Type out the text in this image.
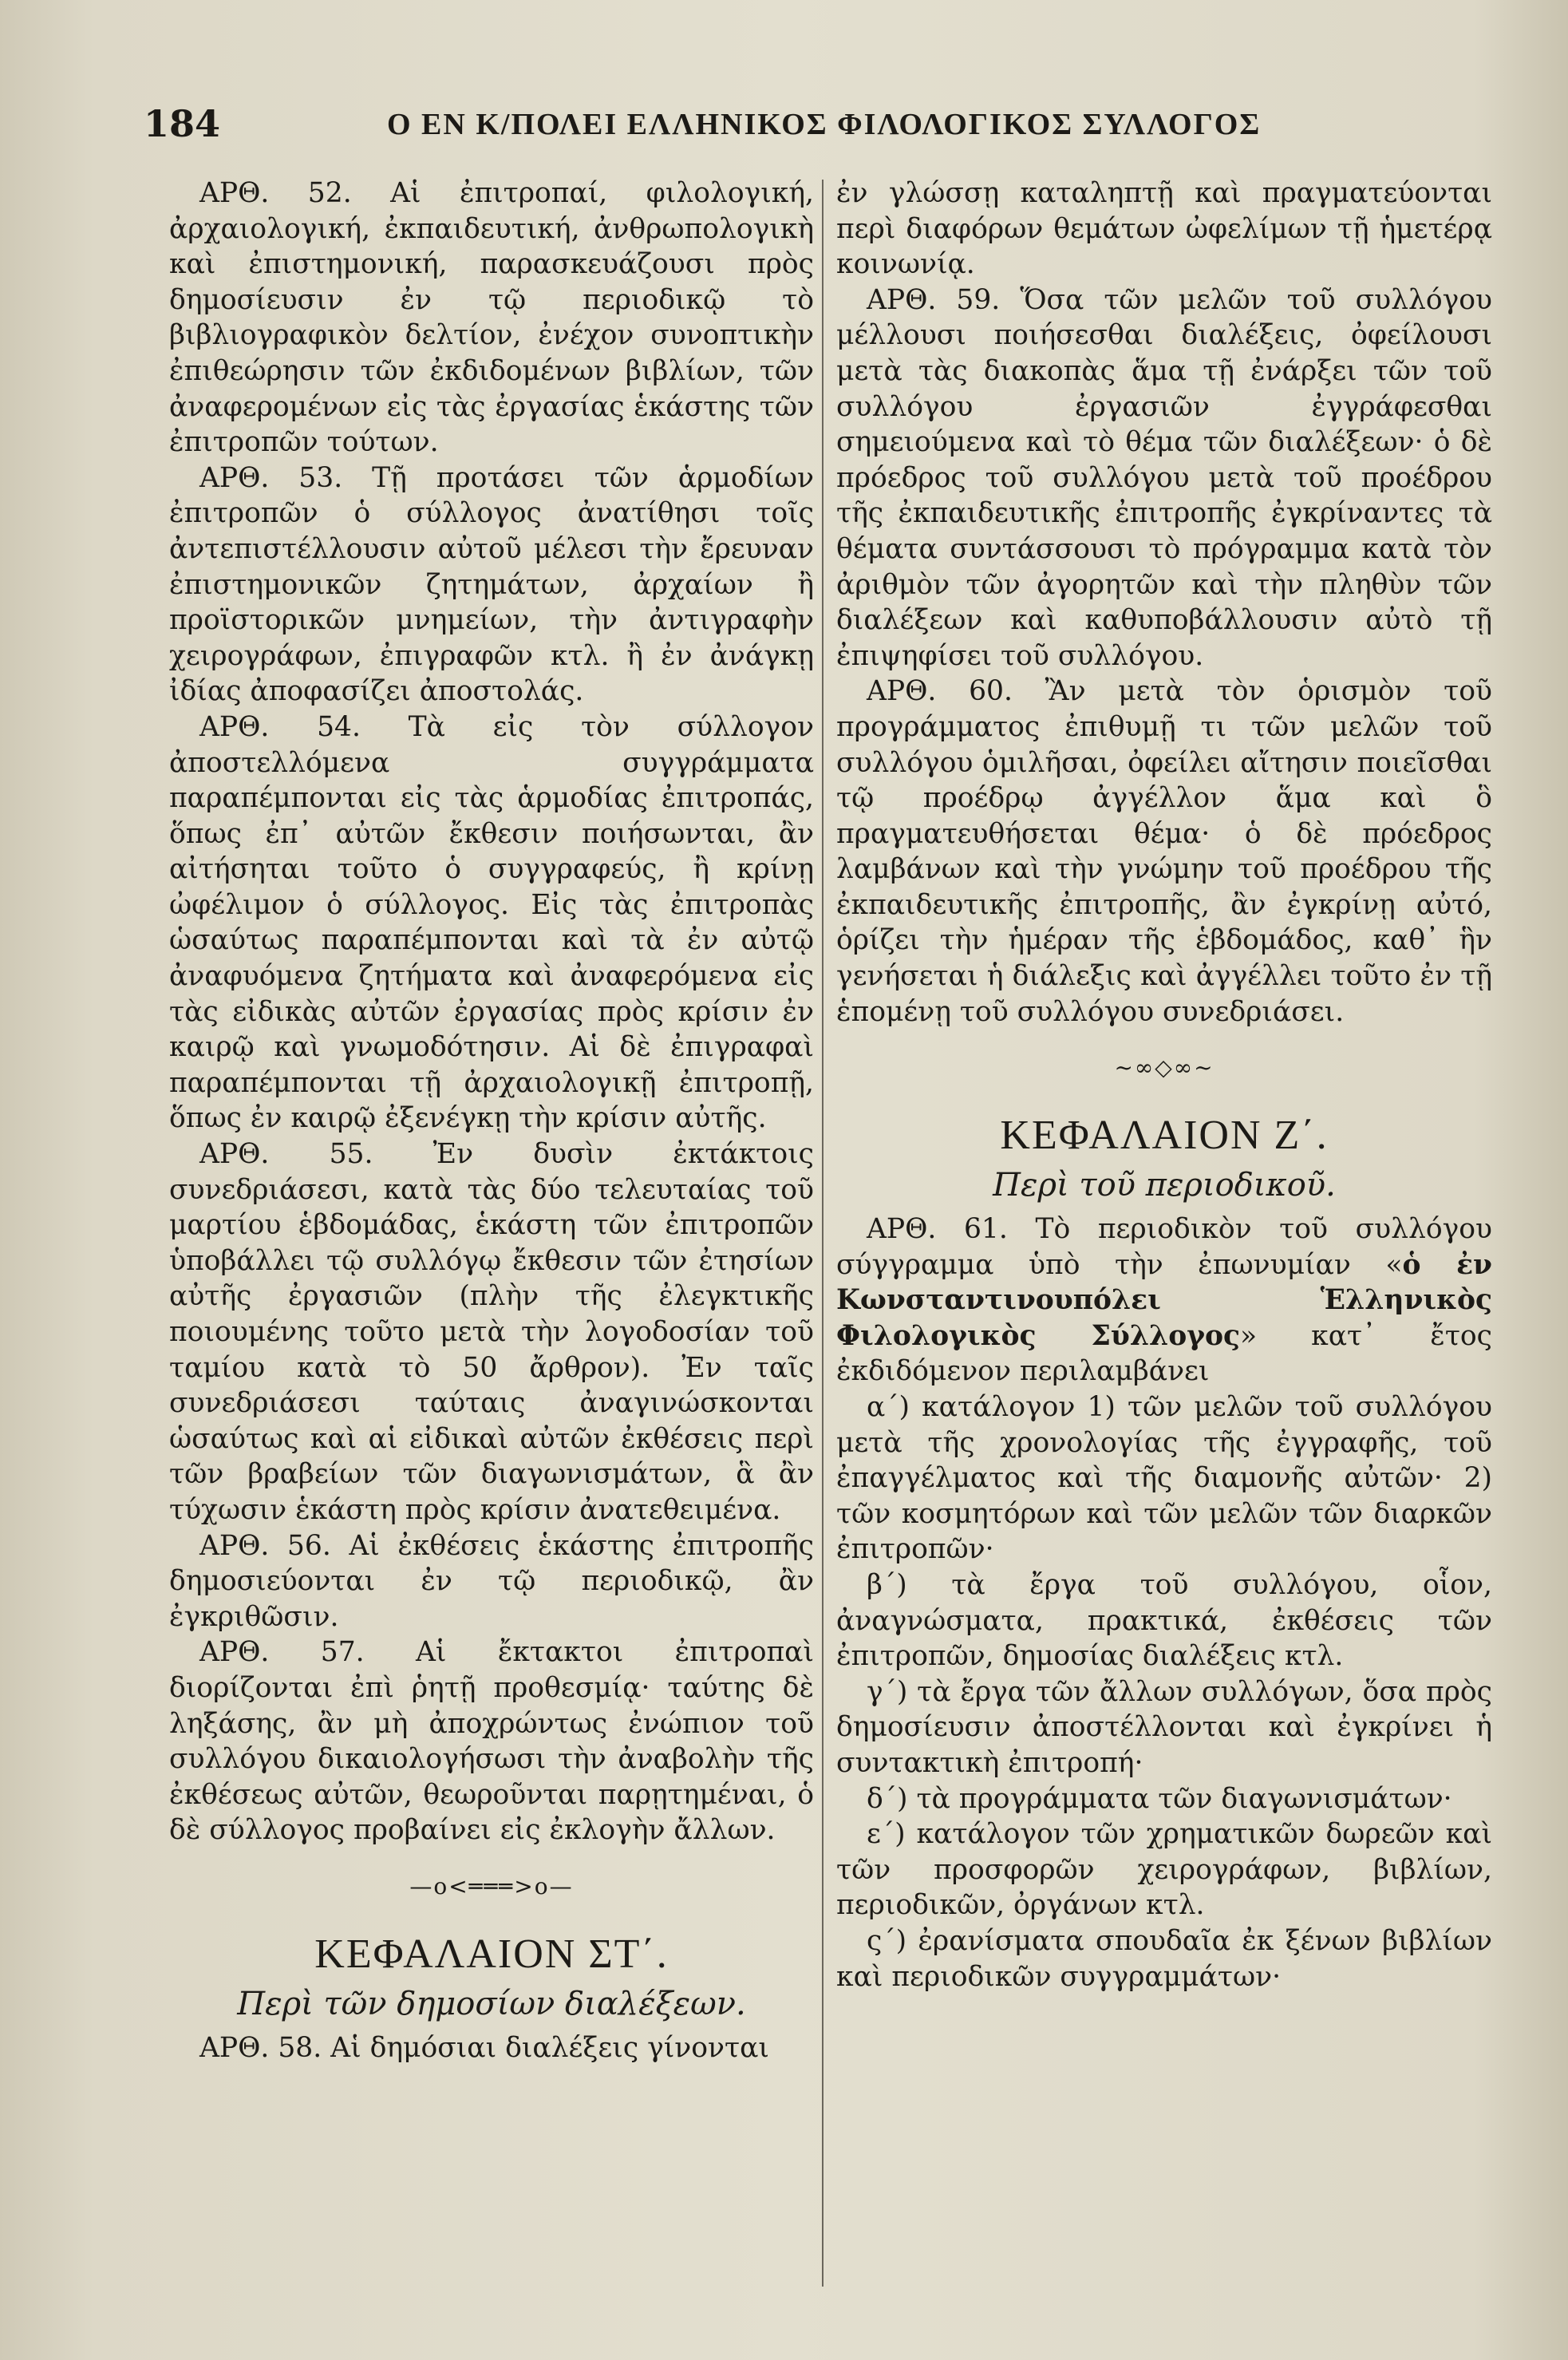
184	Ο ΕΝ Κ/ΠΟΛΕΙ ΕΛΛΗΝΙΚΟΣ ΦΙΛΟΛΟΓΙΚΟΣ ΣΥΛΛΟΓΟΣ

ΑΡΘ. 52. Αἱ ἐπιτροπαί, φιλολογική, ἀρχαιολογική, ἐκπαιδευτική, ἀνθρωπολογικὴ καὶ ἐπιστημονική, παρασκευάζουσι πρὸς δημοσίευσιν ἐν τῷ περιοδικῷ τὸ βιβλιογραφικὸν δελτίον, ἐνέχον συνοπτικὴν ἐπιθεώρησιν τῶν ἐκδιδομένων βιβλίων, τῶν ἀναφερομένων εἰς τὰς ἐργασίας ἑκάστης τῶν ἐπιτροπῶν τούτων.

ΑΡΘ. 53. Τῇ προτάσει τῶν ἁρμοδίων ἐπιτροπῶν ὁ σύλλογος ἀνατίθησι τοῖς ἀντεπιστέλλουσιν αὐτοῦ μέλεσι τὴν ἔρευναν ἐπιστημονικῶν ζητημάτων, ἀρχαίων ἢ προϊστορικῶν μνημείων, τὴν ἀντιγραφὴν χειρογράφων, ἐπιγραφῶν κτλ. ἢ ἐν ἀνάγκῃ ἰδίας ἀποφασίζει ἀποστολάς.

ΑΡΘ. 54. Τὰ εἰς τὸν σύλλογον ἀποστελλόμενα συγγράμματα παραπέμπονται εἰς τὰς ἁρμοδίας ἐπιτροπάς, ὅπως ἐπ᾽ αὐτῶν ἔκθεσιν ποιήσωνται, ἂν αἰτήσηται τοῦτο ὁ συγγραφεύς, ἢ κρίνῃ ὠφέλιμον ὁ σύλλογος. Εἰς τὰς ἐπιτροπὰς ὡσαύτως παραπέμπονται καὶ τὰ ἐν αὐτῷ ἀναφυόμενα ζητήματα καὶ ἀναφερόμενα εἰς τὰς εἰδικὰς αὐτῶν ἐργασίας πρὸς κρίσιν ἐν καιρῷ καὶ γνωμοδότησιν. Αἱ δὲ ἐπιγραφαὶ παραπέμπονται τῇ ἀρχαιολογικῇ ἐπιτροπῇ, ὅπως ἐν καιρῷ ἐξενέγκῃ τὴν κρίσιν αὐτῆς.

ΑΡΘ. 55. Ἐν δυσὶν ἐκτάκτοις συνεδριάσεσι, κατὰ τὰς δύο τελευταίας τοῦ μαρτίου ἑβδομάδας, ἑκάστη τῶν ἐπιτροπῶν ὑποβάλλει τῷ συλλόγῳ ἔκθεσιν τῶν ἐτησίων αὐτῆς ἐργασιῶν (πλὴν τῆς ἐλεγκτικῆς ποιουμένης τοῦτο μετὰ τὴν λογοδοσίαν τοῦ ταμίου κατὰ τὸ 50 ἄρθρον). Ἐν ταῖς συνεδριάσεσι ταύταις ἀναγινώσκονται ὡσαύτως καὶ αἱ εἰδικαὶ αὐτῶν ἐκθέσεις περὶ τῶν βραβείων τῶν διαγωνισμάτων, ἃ ἂν τύχωσιν ἑκάστη πρὸς κρίσιν ἀνατεθειμένα.

ΑΡΘ. 56. Αἱ ἐκθέσεις ἑκάστης ἐπιτροπῆς δημοσιεύονται ἐν τῷ περιοδικῷ, ἂν ἐγκριθῶσιν.

ΑΡΘ. 57. Αἱ ἔκτακτοι ἐπιτροπαὶ διορίζονται ἐπὶ ῥητῇ προθεσμίᾳ· ταύτης δὲ ληξάσης, ἂν μὴ ἀποχρώντως ἐνώπιον τοῦ συλλόγου δικαιολογήσωσι τὴν ἀναβολὴν τῆς ἐκθέσεως αὐτῶν, θεωροῦνται παρῃτημέναι, ὁ δὲ σύλλογος προβαίνει εἰς ἐκλογὴν ἄλλων.

—o<═══>o—
ΚΕΦΑΛΑΙΟΝ ΣΤ΄.
Περὶ τῶν δημοσίων διαλέξεων.

ΑΡΘ. 58. Αἱ δημόσιαι διαλέξεις γίνονται

ἐν γλώσσῃ καταληπτῇ καὶ πραγματεύονται περὶ διαφόρων θεμάτων ὠφελίμων τῇ ἡμετέρᾳ κοινωνίᾳ.

ΑΡΘ. 59. Ὅσα τῶν μελῶν τοῦ συλλόγου μέλλουσι ποιήσεσθαι διαλέξεις, ὀφείλουσι μετὰ τὰς διακοπὰς ἅμα τῇ ἐνάρξει τῶν τοῦ συλλόγου ἐργασιῶν ἐγγράφεσθαι σημειούμενα καὶ τὸ θέμα τῶν διαλέξεων· ὁ δὲ πρόεδρος τοῦ συλλόγου μετὰ τοῦ προέδρου τῆς ἐκπαιδευτικῆς ἐπιτροπῆς ἐγκρίναντες τὰ θέματα συντάσσουσι τὸ πρόγραμμα κατὰ τὸν ἀριθμὸν τῶν ἀγορητῶν καὶ τὴν πληθὺν τῶν διαλέξεων καὶ καθυποβάλλουσιν αὐτὸ τῇ ἐπιψηφίσει τοῦ συλλόγου.

ΑΡΘ. 60. Ἂν μετὰ τὸν ὁρισμὸν τοῦ προγράμματος ἐπιθυμῇ τι τῶν μελῶν τοῦ συλλόγου ὁμιλῆσαι, ὀφείλει αἴτησιν ποιεῖσθαι τῷ προέδρῳ ἀγγέλλον ἅμα καὶ ὃ πραγματευθήσεται θέμα· ὁ δὲ πρόεδρος λαμβάνων καὶ τὴν γνώμην τοῦ προέδρου τῆς ἐκπαιδευτικῆς ἐπιτροπῆς, ἂν ἐγκρίνῃ αὐτό, ὁρίζει τὴν ἡμέραν τῆς ἑβδομάδος, καθ᾽ ἣν γενήσεται ἡ διάλεξις καὶ ἀγγέλλει τοῦτο ἐν τῇ ἑπομένῃ τοῦ συλλόγου συνεδριάσει.

~∞◇∞~
ΚΕΦΑΛΑΙΟΝ Ζ΄.
Περὶ τοῦ περιοδικοῦ.

ΑΡΘ. 61. Τὸ περιοδικὸν τοῦ συλλόγου σύγγραμμα ὑπὸ τὴν ἐπωνυμίαν «ὁ ἐν Κωνσταντινουπόλει Ἑλληνικὸς Φιλολογικὸς Σύλλογος» κατ᾽ ἔτος ἐκδιδόμενον περιλαμβάνει

α΄) κατάλογον 1) τῶν μελῶν τοῦ συλλόγου μετὰ τῆς χρονολογίας τῆς ἐγγραφῆς, τοῦ ἐπαγγέλματος καὶ τῆς διαμονῆς αὐτῶν· 2) τῶν κοσμητόρων καὶ τῶν μελῶν τῶν διαρκῶν ἐπιτροπῶν·

β΄) τὰ ἔργα τοῦ συλλόγου, οἷον, ἀναγνώσματα, πρακτικά, ἐκθέσεις τῶν ἐπιτροπῶν, δημοσίας διαλέξεις κτλ.

γ΄) τὰ ἔργα τῶν ἄλλων συλλόγων, ὅσα πρὸς δημοσίευσιν ἀποστέλλονται καὶ ἐγκρίνει ἡ συντακτικὴ ἐπιτροπή·

δ΄) τὰ προγράμματα τῶν διαγωνισμάτων·

ε΄) κατάλογον τῶν χρηματικῶν δωρεῶν καὶ τῶν προσφορῶν χειρογράφων, βιβλίων, περιοδικῶν, ὀργάνων κτλ.

ς΄) ἐρανίσματα σπουδαῖα ἐκ ξένων βιβλίων καὶ περιοδικῶν συγγραμμάτων·
